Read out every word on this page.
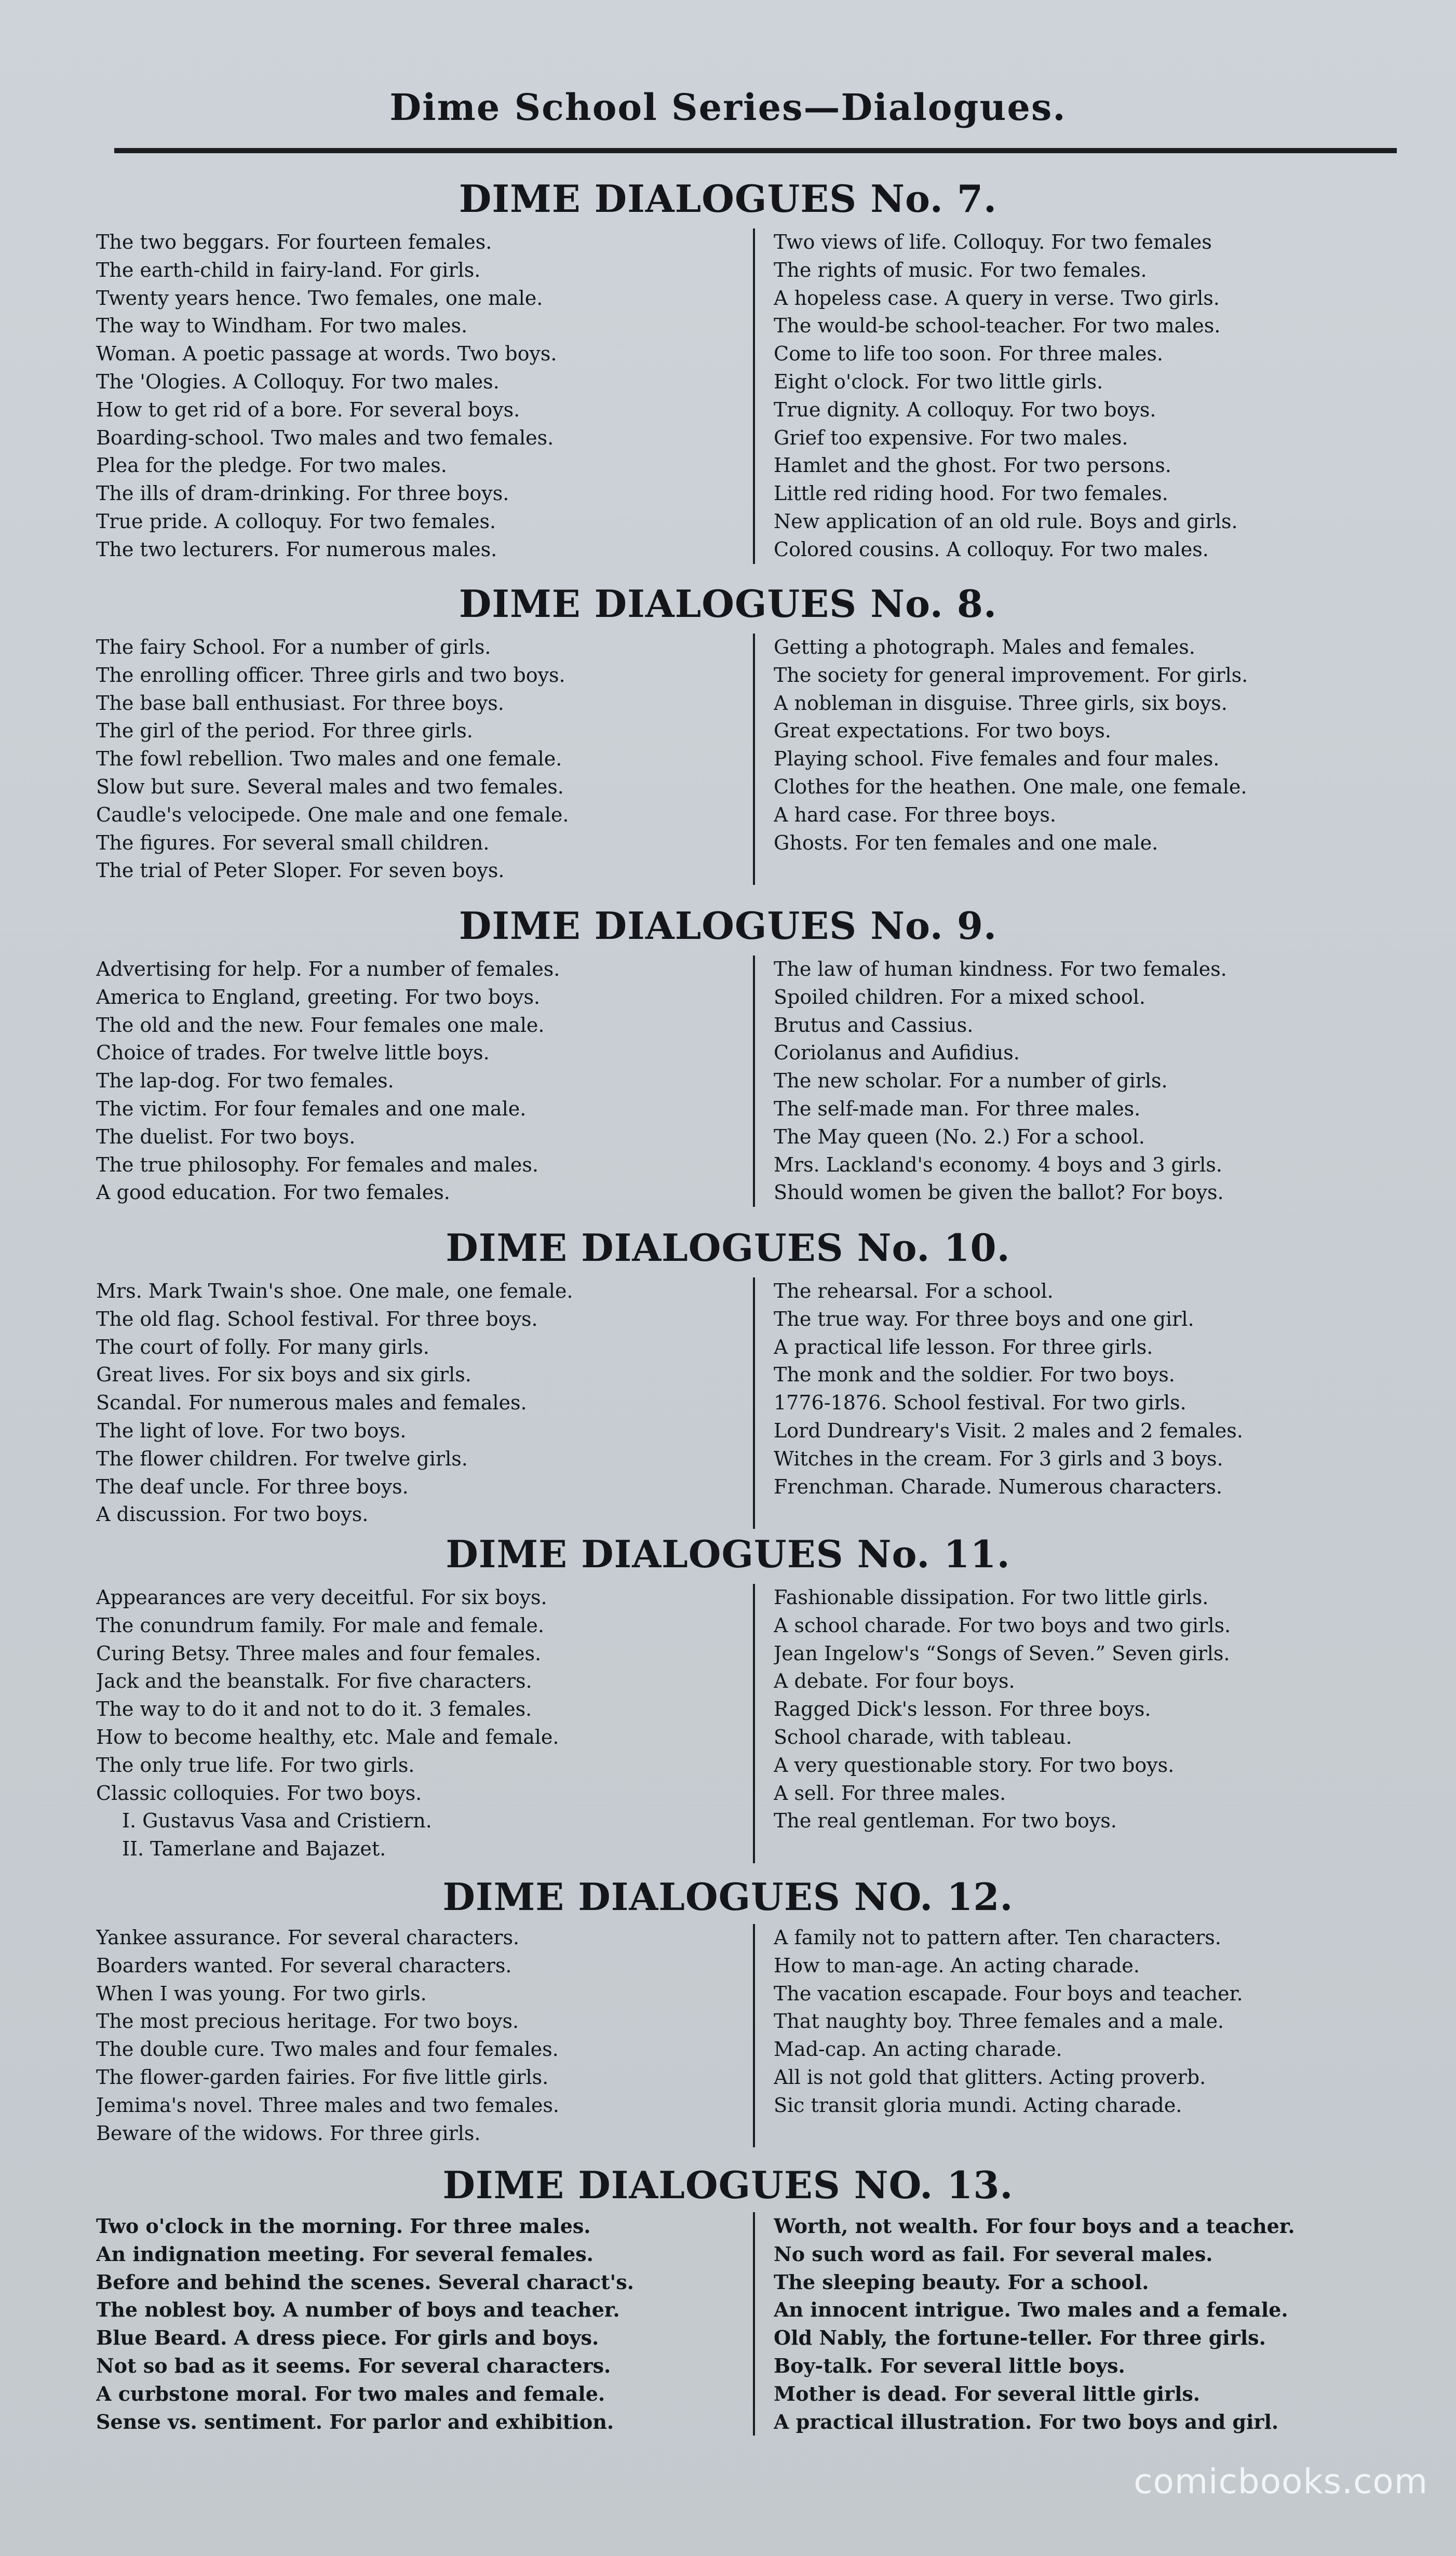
Dime School Series—Dialogues.
DIME DIALOGUES No. 7.
The two beggars. For fourteen females.
The earth-child in fairy-land. For girls.
Twenty years hence. Two females, one male.
The way to Windham. For two males.
Woman. A poetic passage at words. Two boys.
The 'Ologies. A Colloquy. For two males.
How to get rid of a bore. For several boys.
Boarding-school. Two males and two females.
Plea for the pledge. For two males.
The ills of dram-drinking. For three boys.
True pride. A colloquy. For two females.
The two lecturers. For numerous males.
Two views of life. Colloquy. For two females
The rights of music. For two females.
A hopeless case. A query in verse. Two girls.
The would-be school-teacher. For two males.
Come to life too soon. For three males.
Eight o'clock. For two little girls.
True dignity. A colloquy. For two boys.
Grief too expensive. For two males.
Hamlet and the ghost. For two persons.
Little red riding hood. For two females.
New application of an old rule. Boys and girls.
Colored cousins. A colloquy. For two males.
DIME DIALOGUES No. 8.
The fairy School. For a number of girls.
The enrolling officer. Three girls and two boys.
The base ball enthusiast. For three boys.
The girl of the period. For three girls.
The fowl rebellion. Two males and one female.
Slow but sure. Several males and two females.
Caudle's velocipede. One male and one female.
The figures. For several small children.
The trial of Peter Sloper. For seven boys.
Getting a photograph. Males and females.
The society for general improvement. For girls.
A nobleman in disguise. Three girls, six boys.
Great expectations. For two boys.
Playing school. Five females and four males.
Clothes for the heathen. One male, one female.
A hard case. For three boys.
Ghosts. For ten females and one male.
DIME DIALOGUES No. 9.
Advertising for help. For a number of females.
America to England, greeting. For two boys.
The old and the new. Four females one male.
Choice of trades. For twelve little boys.
The lap-dog. For two females.
The victim. For four females and one male.
The duelist. For two boys.
The true philosophy. For females and males.
A good education. For two females.
The law of human kindness. For two females.
Spoiled children. For a mixed school.
Brutus and Cassius.
Coriolanus and Aufidius.
The new scholar. For a number of girls.
The self-made man. For three males.
The May queen (No. 2.) For a school.
Mrs. Lackland's economy. 4 boys and 3 girls.
Should women be given the ballot? For boys.
DIME DIALOGUES No. 10.
Mrs. Mark Twain's shoe. One male, one female.
The old flag. School festival. For three boys.
The court of folly. For many girls.
Great lives. For six boys and six girls.
Scandal. For numerous males and females.
The light of love. For two boys.
The flower children. For twelve girls.
The deaf uncle. For three boys.
A discussion. For two boys.
The rehearsal. For a school.
The true way. For three boys and one girl.
A practical life lesson. For three girls.
The monk and the soldier. For two boys.
1776-1876. School festival. For two girls.
Lord Dundreary's Visit. 2 males and 2 females.
Witches in the cream. For 3 girls and 3 boys.
Frenchman. Charade. Numerous characters.
DIME DIALOGUES No. 11.
Appearances are very deceitful. For six boys.
The conundrum family. For male and female.
Curing Betsy. Three males and four females.
Jack and the beanstalk. For five characters.
The way to do it and not to do it. 3 females.
How to become healthy, etc. Male and female.
The only true life. For two girls.
Classic colloquies. For two boys.
I. Gustavus Vasa and Cristiern.
II. Tamerlane and Bajazet.
Fashionable dissipation. For two little girls.
A school charade. For two boys and two girls.
Jean Ingelow's “Songs of Seven.” Seven girls.
A debate. For four boys.
Ragged Dick's lesson. For three boys.
School charade, with tableau.
A very questionable story. For two boys.
A sell. For three males.
The real gentleman. For two boys.
DIME DIALOGUES NO. 12.
Yankee assurance. For several characters.
Boarders wanted. For several characters.
When I was young. For two girls.
The most precious heritage. For two boys.
The double cure. Two males and four females.
The flower-garden fairies. For five little girls.
Jemima's novel. Three males and two females.
Beware of the widows. For three girls.
A family not to pattern after. Ten characters.
How to man-age. An acting charade.
The vacation escapade. Four boys and teacher.
That naughty boy. Three females and a male.
Mad-cap. An acting charade.
All is not gold that glitters. Acting proverb.
Sic transit gloria mundi. Acting charade.
DIME DIALOGUES NO. 13.
Two o'clock in the morning. For three males.
An indignation meeting. For several females.
Before and behind the scenes. Several charact's.
The noblest boy. A number of boys and teacher.
Blue Beard. A dress piece. For girls and boys.
Not so bad as it seems. For several characters.
A curbstone moral. For two males and female.
Sense vs. sentiment. For parlor and exhibition.
Worth, not wealth. For four boys and a teacher.
No such word as fail. For several males.
The sleeping beauty. For a school.
An innocent intrigue. Two males and a female.
Old Nably, the fortune-teller. For three girls.
Boy-talk. For several little boys.
Mother is dead. For several little girls.
A practical illustration. For two boys and girl.
comicbooks.com
